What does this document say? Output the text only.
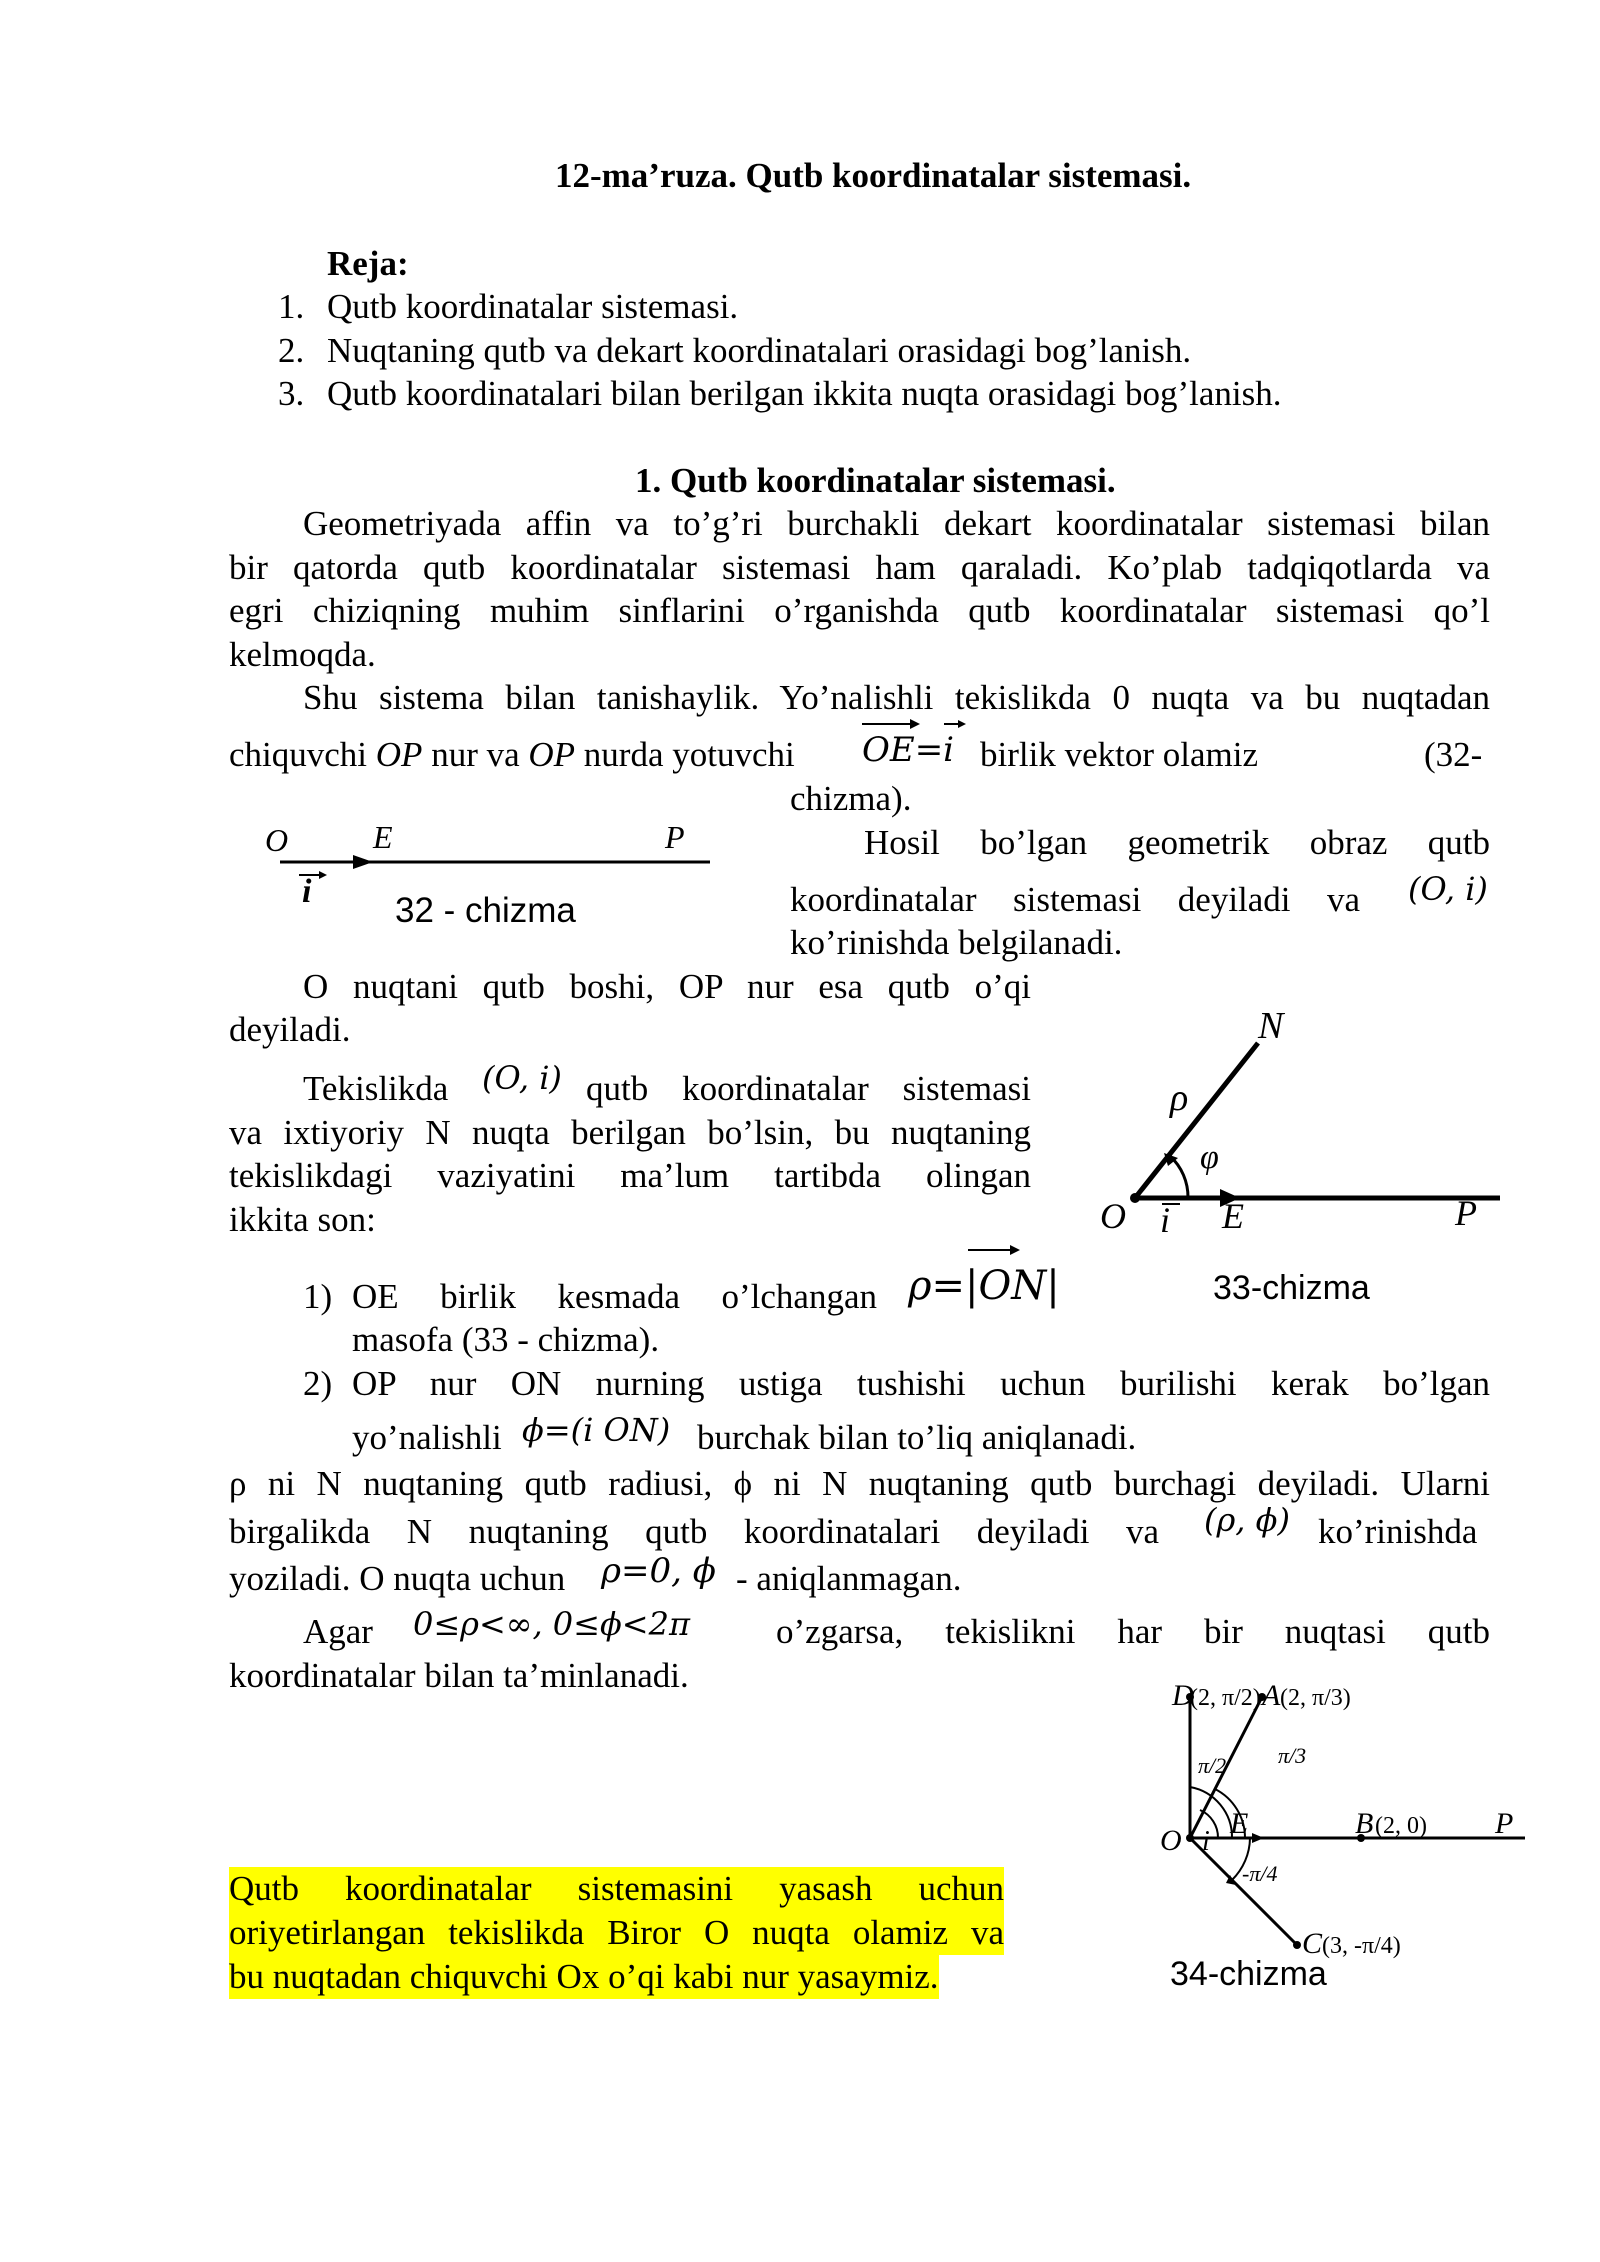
12-ma’ruza. Qutb koordinatalar sistemasi.
Reja:
1. Qutb koordinatalar sistemasi.
2. Nuqtaning qutb va dekart koordinatalari orasidagi bog’lanish.
3. Qutb koordinatalari bilan berilgan ikkita nuqta orasidagi bog’lanish.
1. Qutb koordinatalar sistemasi.
Geometriyada affin va to’g’ri burchakli dekart koordinatalar sistemasi bilan
bir qatorda qutb koordinatalar sistemasi ham qaraladi. Ko’plab tadqiqotlarda va
egri chiziqning muhim sinflarini o’rganishda qutb koordinatalar sistemasi qo’l
kelmoqda.
Shu sistema bilan tanishaylik. Yo’nalishli tekislikda 0 nuqta va bu nuqtadan
chiquvchi OP nur va OP nurda yotuvchi OE=i birlik vektor olamiz	(32-
chizma).
O	E	P
i 32 - chizma
Hosil bo’lgan geometrik obraz qutb
koordinatalar sistemasi deyiladi va (O, i)
ko’rinishda belgilanadi.
O nuqtani qutb boshi, OP nur esa qutb o’qi
deyiladi.
Tekislikda (O, i) qutb koordinatalar sistemasi
va ixtiyoriy N nuqta berilgan bo’lsin, bu nuqtaning
tekislikdagi vaziyatini ma’lum tartibda olingan
ikkita son:
N
ρ
φ
O i E	P
33-chizma
1) OE birlik kesmada o’lchangan ρ=|ON|
masofa (33 - chizma).
2) OP nur ON nurning ustiga tushishi uchun burilishi kerak bo’lgan
yo’nalishli ϕ=(i ON) burchak bilan to’liq aniqlanadi.
ρ ni N nuqtaning qutb radiusi, ϕ ni N nuqtaning qutb burchagi deyiladi. Ularni
birgalikda N nuqtaning qutb koordinatalari deyiladi va (ρ, ϕ) ko’rinishda
yoziladi. O nuqta uchun ρ=0, ϕ - aniqlanmagan.
Agar 0≤ρ<∞, 0≤ϕ<2π o’zgarsa, tekislikni har bir nuqtasi qutb
koordinatalar bilan ta’minlanadi.
D
(2, π/2) A (2, π/3)
π/2 π/3
O i
E	B (2, 0) P
-π/4
C (3, -π/4)
34-chizma
Qutb koordinatalar sistemasini yasash uchun
oriyetirlangan tekislikda Biror O nuqta olamiz va
bu nuqtadan chiquvchi Ox o’qi kabi nur yasaymiz.
